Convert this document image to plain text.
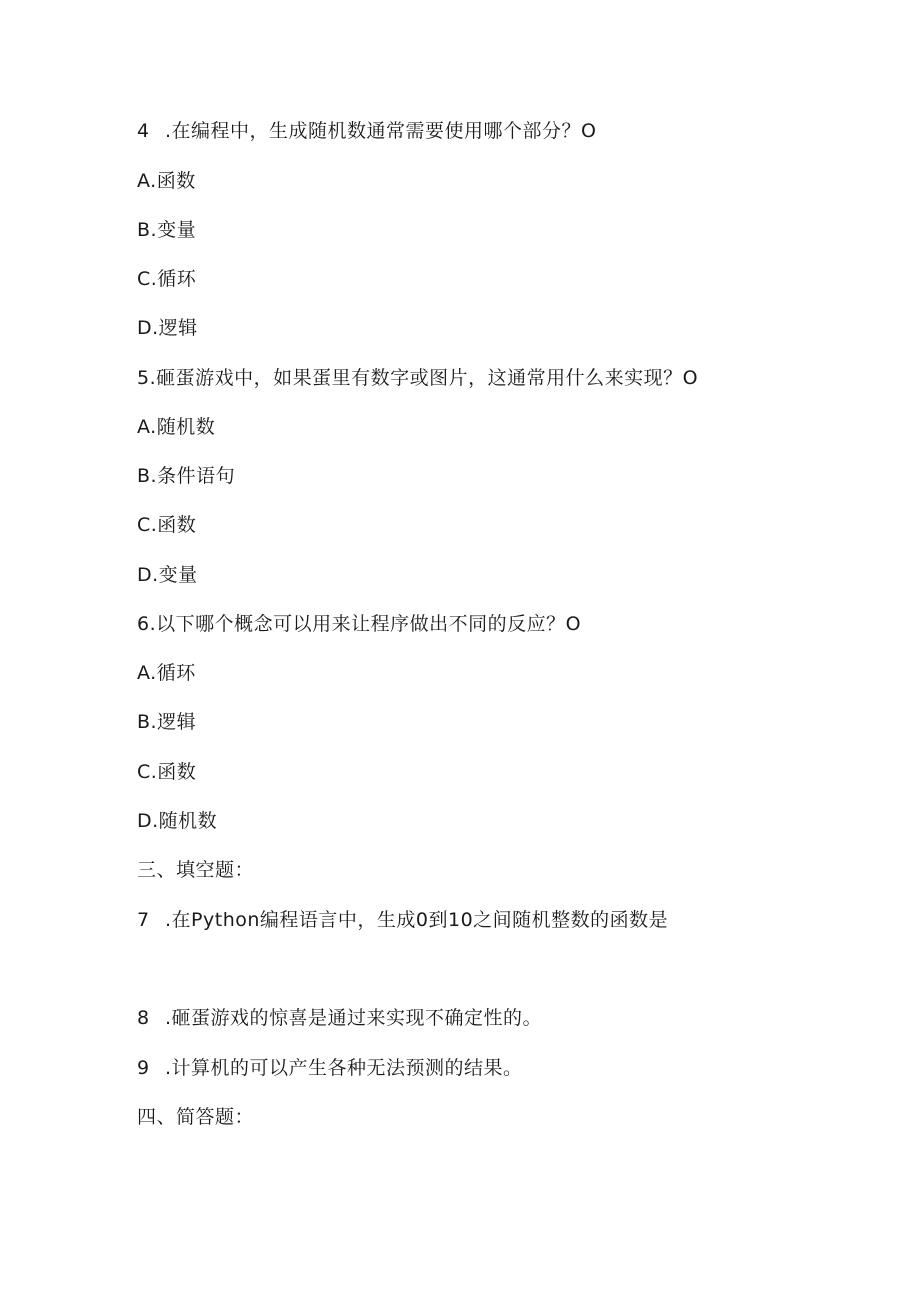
4 .在编程中，生成随机数通常需要使用哪个部分？O
A.函数
B.变量
C.循环
D.逻辑
5.砸蛋游戏中，如果蛋里有数字或图片，这通常用什么来实现？O
A.随机数
B.条件语句
C.函数
D.变量
6.以下哪个概念可以用来让程序做出不同的反应？O
A.循环
B.逻辑
C.函数
D.随机数
三、填空题：
7 .在Python编程语言中，生成0到10之间随机整数的函数是
8 .砸蛋游戏的惊喜是通过来实现不确定性的。
9 .计算机的可以产生各种无法预测的结果。
四、简答题：
